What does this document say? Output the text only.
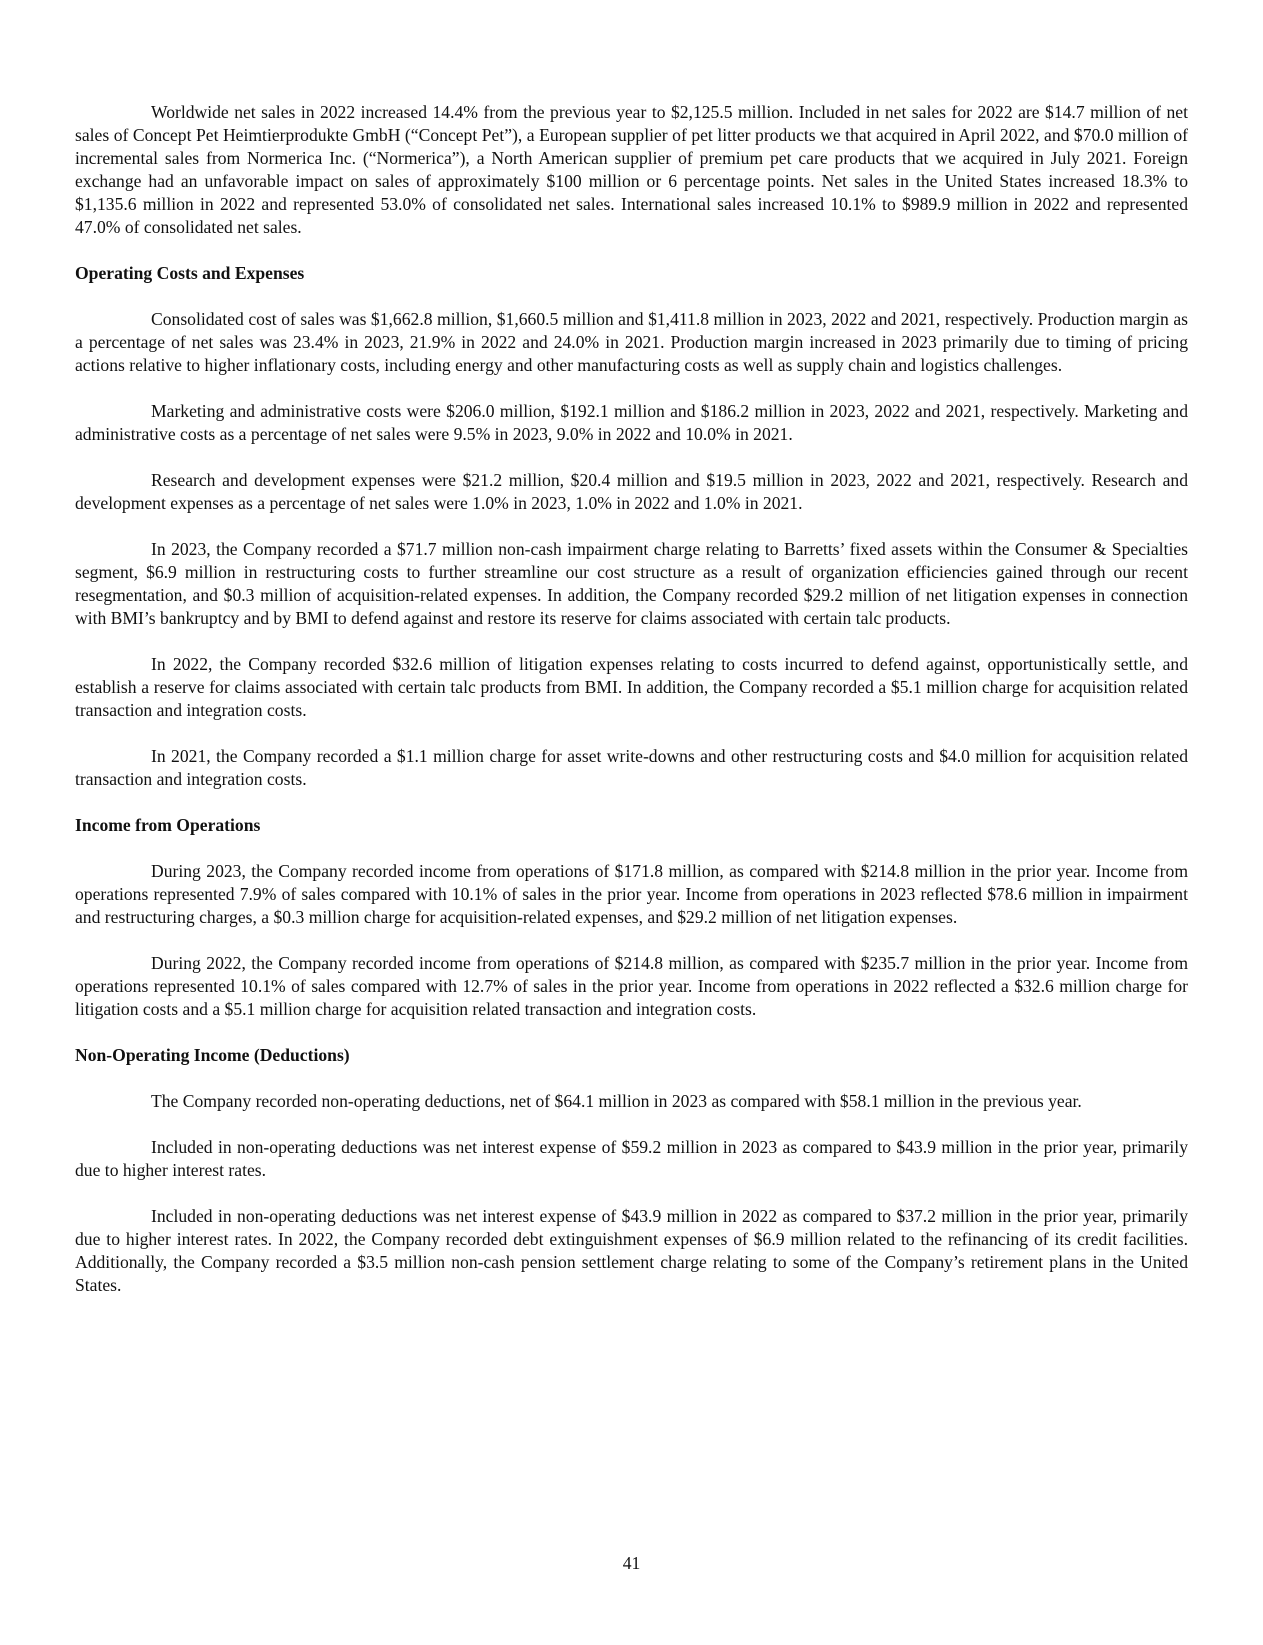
Worldwide net sales in 2022 increased 14.4% from the previous year to $2,125.5 million. Included in net sales for 2022 are $14.7 million of net sales of Concept Pet Heimtierprodukte GmbH (“Concept Pet”), a European supplier of pet litter products we that acquired in April 2022, and $70.0 million of incremental sales from Normerica Inc. (“Normerica”), a North American supplier of premium pet care products that we acquired in July 2021. Foreign exchange had an unfavorable impact on sales of approximately $100 million or 6 percentage points. Net sales in the United States increased 18.3% to $1,135.6 million in 2022 and represented 53.0% of consolidated net sales. International sales increased 10.1% to $989.9 million in 2022 and represented 47.0% of consolidated net sales.

Operating Costs and Expenses

Consolidated cost of sales was $1,662.8 million, $1,660.5 million and $1,411.8 million in 2023, 2022 and 2021, respectively. Production margin as a percentage of net sales was 23.4% in 2023, 21.9% in 2022 and 24.0% in 2021. Production margin increased in 2023 primarily due to timing of pricing actions relative to higher inflationary costs, including energy and other manufacturing costs as well as supply chain and logistics challenges.

Marketing and administrative costs were $206.0 million, $192.1 million and $186.2 million in 2023, 2022 and 2021, respectively. Marketing and administrative costs as a percentage of net sales were 9.5% in 2023, 9.0% in 2022 and 10.0% in 2021.

Research and development expenses were $21.2 million, $20.4 million and $19.5 million in 2023, 2022 and 2021, respectively. Research and development expenses as a percentage of net sales were 1.0% in 2023, 1.0% in 2022 and 1.0% in 2021.

In 2023, the Company recorded a $71.7 million non-cash impairment charge relating to Barretts’ fixed assets within the Consumer & Specialties segment, $6.9 million in restructuring costs to further streamline our cost structure as a result of organization efficiencies gained through our recent resegmentation, and $0.3 million of acquisition-related expenses. In addition, the Company recorded $29.2 million of net litigation expenses in connection with BMI’s bankruptcy and by BMI to defend against and restore its reserve for claims associated with certain talc products.

In 2022, the Company recorded $32.6 million of litigation expenses relating to costs incurred to defend against, opportunistically settle, and establish a reserve for claims associated with certain talc products from BMI. In addition, the Company recorded a $5.1 million charge for acquisition related transaction and integration costs.

In 2021, the Company recorded a $1.1 million charge for asset write-downs and other restructuring costs and $4.0 million for acquisition related transaction and integration costs.

Income from Operations

During 2023, the Company recorded income from operations of $171.8 million, as compared with $214.8 million in the prior year. Income from operations represented 7.9% of sales compared with 10.1% of sales in the prior year. Income from operations in 2023 reflected $78.6 million in impairment and restructuring charges, a $0.3 million charge for acquisition-related expenses, and $29.2 million of net litigation expenses.

During 2022, the Company recorded income from operations of $214.8 million, as compared with $235.7 million in the prior year. Income from operations represented 10.1% of sales compared with 12.7% of sales in the prior year. Income from operations in 2022 reflected a $32.6 million charge for litigation costs and a $5.1 million charge for acquisition related transaction and integration costs.

Non-Operating Income (Deductions)

The Company recorded non-operating deductions, net of $64.1 million in 2023 as compared with $58.1 million in the previous year.

Included in non-operating deductions was net interest expense of $59.2 million in 2023 as compared to $43.9 million in the prior year, primarily due to higher interest rates.

Included in non-operating deductions was net interest expense of $43.9 million in 2022 as compared to $37.2 million in the prior year, primarily due to higher interest rates. In 2022, the Company recorded debt extinguishment expenses of $6.9 million related to the refinancing of its credit facilities. Additionally, the Company recorded a $3.5 million non-cash pension settlement charge relating to some of the Company’s retirement plans in the United States.

41
